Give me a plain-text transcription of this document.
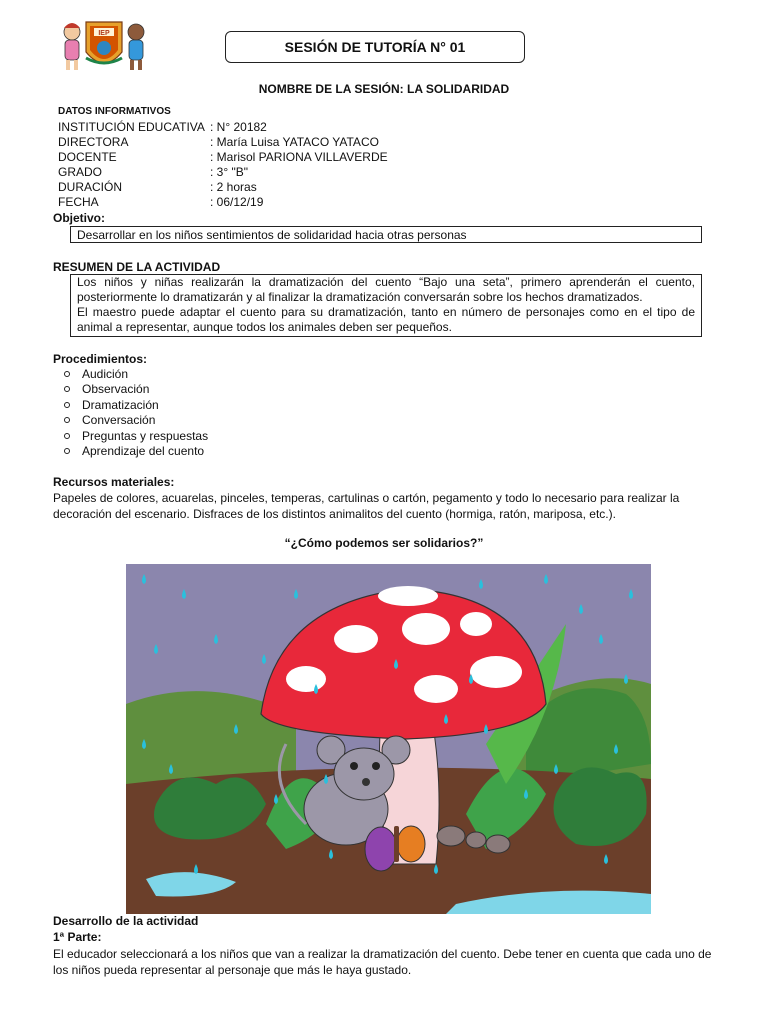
IEP
SESIÓN DE TUTORÍA N° 01
NOMBRE DE LA SESIÓN: LA SOLIDARIDAD
DATOS INFORMATIVOS
INSTITUCIÓN EDUCATIVA : N° 20182
DIRECTORA	: María Luisa YATACO YATACO
DOCENTE	: Marisol PARIONA VILLAVERDE
GRADO	: 3° "B"
DURACIÓN	: 2 horas
FECHA	: 06/12/19
Objetivo:
Desarrollar en los niños sentimientos de solidaridad hacia otras personas
RESUMEN DE LA ACTIVIDAD

Los niños y niñas realizarán la dramatización del cuento “Bajo una seta”, primero aprenderán el cuento, posteriormente lo dramatizarán y al finalizar la dramatización conversarán sobre los hechos dramatizados.

El maestro puede adaptar el cuento para su dramatización, tanto en número de personajes como en el tipo de animal a representar, aunque todos los animales deben ser pequeños.

Procedimientos:
Audición
Observación
Dramatización
Conversación
Preguntas y respuestas
Aprendizaje del cuento
Recursos materiales:
Papeles de colores, acuarelas, pinceles, temperas, cartulinas o cartón, pegamento y todo lo necesario para realizar la decoración del escenario. Disfraces de los distintos animalitos del cuento (hormiga, ratón, mariposa, etc.).
“¿Cómo podemos ser solidarios?”
Desarrollo de la actividad
1ª Parte:
El educador seleccionará a los niños que van a realizar la dramatización del cuento. Debe tener en cuenta que cada uno de los niños pueda representar al personaje que más le haya gustado.
